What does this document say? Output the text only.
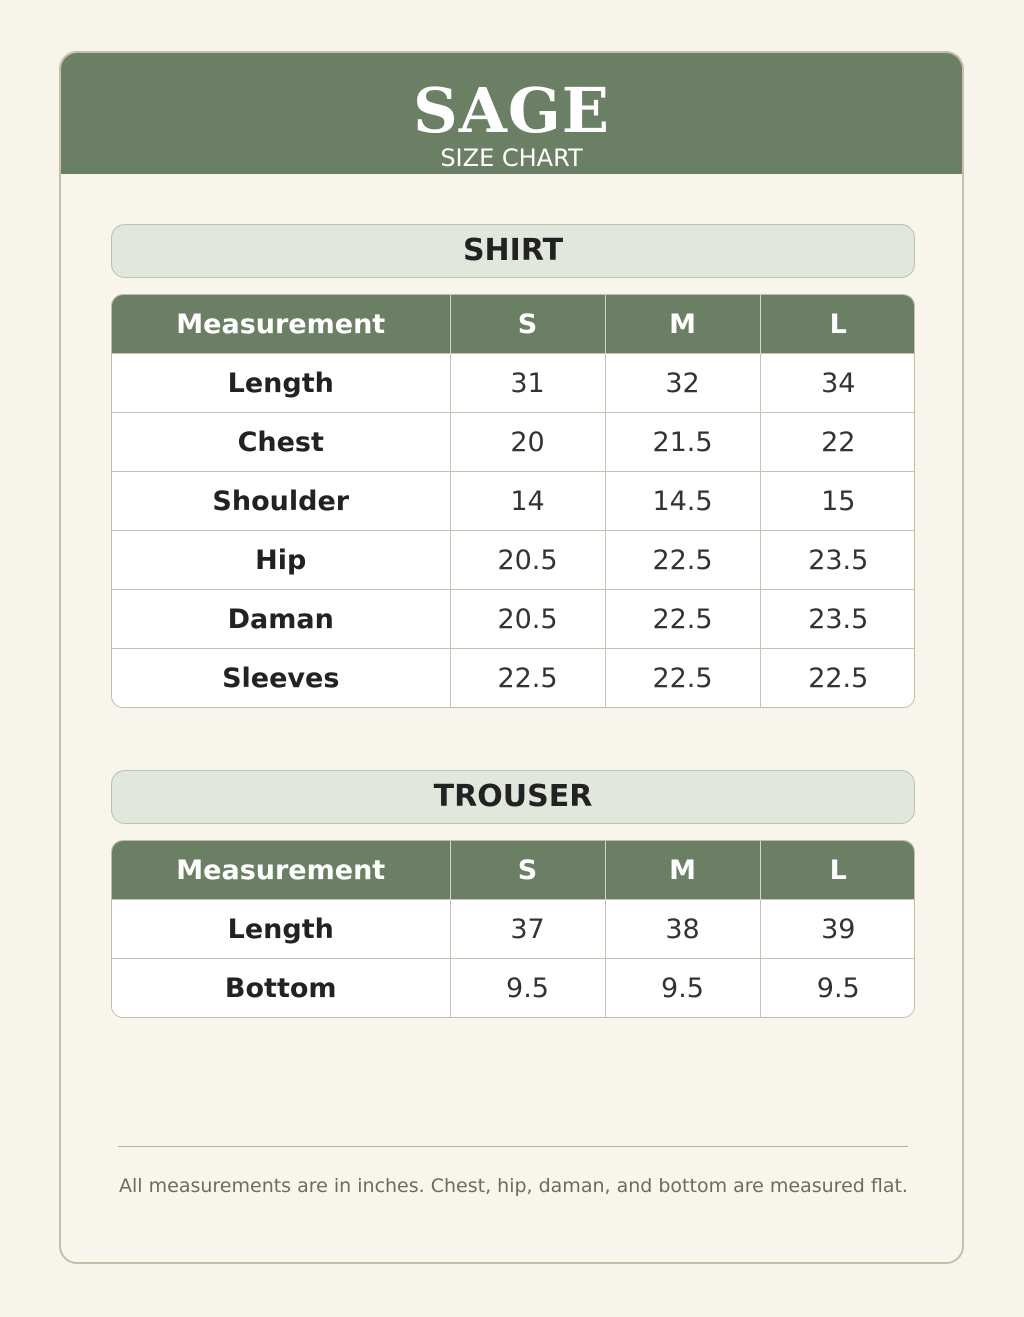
SAGE
SIZE CHART
SHIRT
Measurement	S	M	L
Length	31	32	34
Chest	20	21.5	22
Shoulder	14	14.5	15
Hip	20.5	22.5	23.5
Daman	20.5	22.5	23.5
Sleeves	22.5	22.5	22.5
TROUSER
Measurement	S	M	L
Length	37	38	39
Bottom	9.5	9.5	9.5
All measurements are in inches. Chest, hip, daman, and bottom are measured flat.
